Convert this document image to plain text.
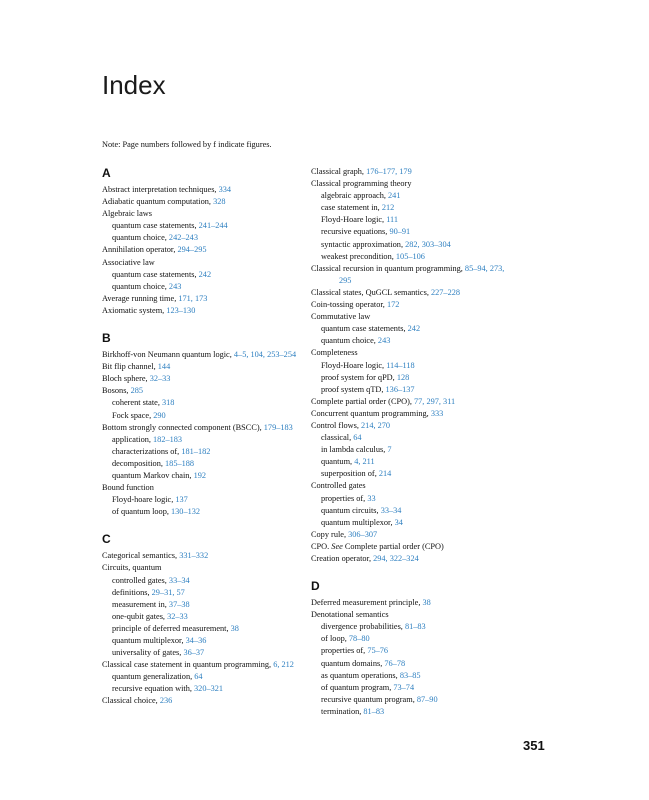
Index
Note: Page numbers followed by f indicate figures.
A
Abstract interpretation techniques, 334
Adiabatic quantum computation, 328
Algebraic laws
quantum case statements, 241–244
quantum choice, 242–243
Annihilation operator, 294–295
Associative law
quantum case statements, 242
quantum choice, 243
Average running time, 171, 173
Axiomatic system, 123–130
B
Birkhoff-von Neumann quantum logic, 4–5, 104, 253–254
Bit flip channel, 144
Bloch sphere, 32–33
Bosons, 285
coherent state, 318
Fock space, 290
Bottom strongly connected component (BSCC), 179–183
application, 182–183
characterizations of, 181–182
decomposition, 185–188
quantum Markov chain, 192
Bound function
Floyd-hoare logic, 137
of quantum loop, 130–132
C
Categorical semantics, 331–332
Circuits, quantum
controlled gates, 33–34
definitions, 29–31, 57
measurement in, 37–38
one-qubit gates, 32–33
principle of deferred measurement, 38
quantum multiplexor, 34–36
universality of gates, 36–37
Classical case statement in quantum programming, 6, 212
quantum generalization, 64
recursive equation with, 320–321
Classical choice, 236
Classical graph, 176–177, 179
Classical programming theory
algebraic approach, 241
case statement in, 212
Floyd-Hoare logic, 111
recursive equations, 90–91
syntactic approximation, 282, 303–304
weakest precondition, 105–106
Classical recursion in quantum programming, 85–94, 273, 295
Classical states, QuGCL semantics, 227–228
Coin-tossing operator, 172
Commutative law
quantum case statements, 242
quantum choice, 243
Completeness
Floyd-Hoare logic, 114–118
proof system for qPD, 128
proof system qTD, 136–137
Complete partial order (CPO), 77, 297, 311
Concurrent quantum programming, 333
Control flows, 214, 270
classical, 64
in lambda calculus, 7
quantum, 4, 211
superposition of, 214
Controlled gates
properties of, 33
quantum circuits, 33–34
quantum multiplexor, 34
Copy rule, 306–307
CPO. See Complete partial order (CPO)
Creation operator, 294, 322–324
D
Deferred measurement principle, 38
Denotational semantics
divergence probabilities, 81–83
of loop, 78–80
properties of, 75–76
quantum domains, 76–78
as quantum operations, 83–85
of quantum program, 73–74
recursive quantum program, 87–90
termination, 81–83
351
